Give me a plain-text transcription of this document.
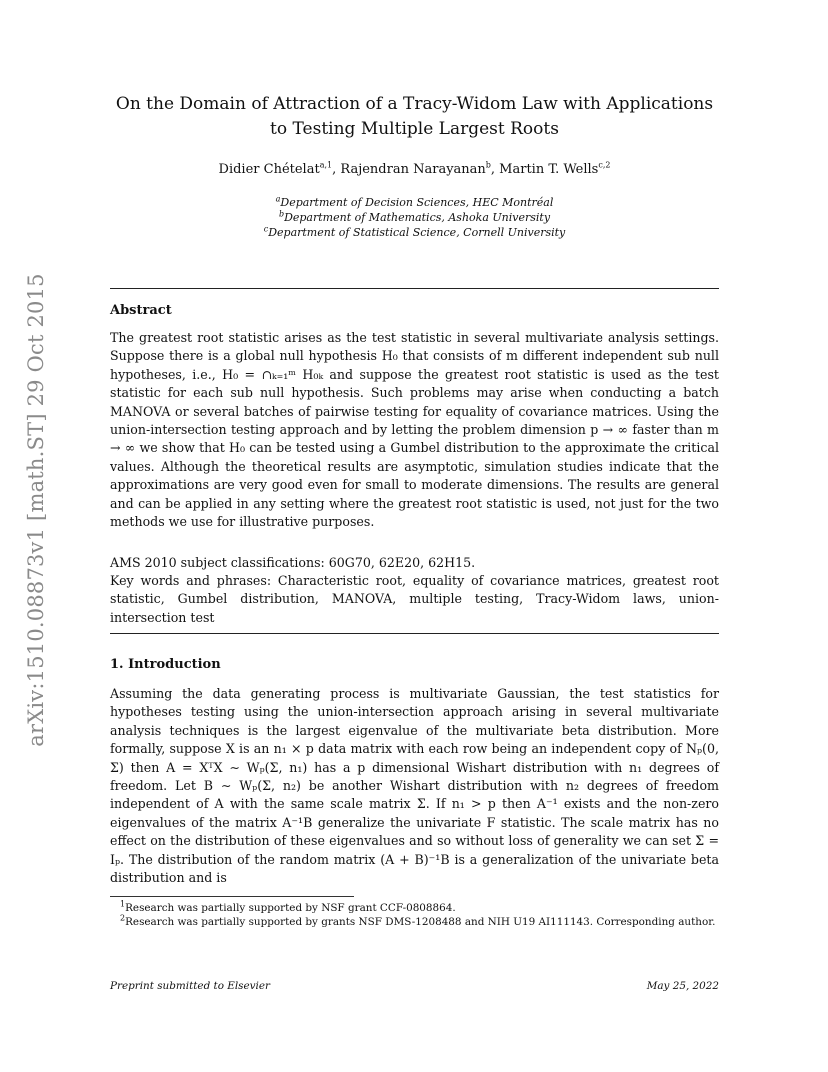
arXiv:1510.08873v1 [math.ST] 29 Oct 2015
On the Domain of Attraction of a Tracy-Widom Law with Applications
to Testing Multiple Largest Roots
Didier Chételat$^{a,1}$, Rajendran Narayanan$^b$, Martin T. Wells$^{c,2}$
$^a$Department of Decision Sciences, HEC Montréal
$^b$Department of Mathematics, Ashoka University
$^c$Department of Statistical Science, Cornell University
Abstract

The greatest root statistic arises as the test statistic in several multivariate analysis settings. Suppose there is a global null hypothesis H₀ that consists of m different independent sub null hypotheses, i.e., H₀ = ∩ₖ₌₁ᵐ H₀ₖ and suppose the greatest root statistic is used as the test statistic for each sub null hypothesis. Such problems may arise when conducting a batch MANOVA or several batches of pairwise testing for equality of covariance matrices. Using the union-intersection testing approach and by letting the problem dimension p → ∞ faster than m → ∞ we show that H₀ can be tested using a Gumbel distribution to the approximate the critical values. Although the theoretical results are asymptotic, simulation studies indicate that the approximations are very good even for small to moderate dimensions. The results are general and can be applied in any setting where the greatest root statistic is used, not just for the two methods we use for illustrative purposes.

AMS 2010 subject classifications: 60G70, 62E20, 62H15.

Key words and phrases: Characteristic root, equality of covariance matrices, greatest root statistic, Gumbel distribution, MANOVA, multiple testing, Tracy-Widom laws, union-intersection test

1. Introduction

Assuming the data generating process is multivariate Gaussian, the test statistics for hypotheses testing using the union-intersection approach arising in several multivariate analysis techniques is the largest eigenvalue of the multivariate beta distribution. More formally, suppose X is an n₁ × p data matrix with each row being an independent copy of Nₚ(0, Σ) then A = XᵀX ∼ Wₚ(Σ, n₁) has a p dimensional Wishart distribution with n₁ degrees of freedom. Let B ∼ Wₚ(Σ, n₂) be another Wishart distribution with n₂ degrees of freedom independent of A with the same scale matrix Σ. If n₁ > p then A⁻¹ exists and the non-zero eigenvalues of the matrix A⁻¹B generalize the univariate F statistic. The scale matrix has no effect on the distribution of these eigenvalues and so without loss of generality we can set Σ = Iₚ. The distribution of the random matrix (A + B)⁻¹B is a generalization of the univariate beta distribution and is

$^1$Research was partially supported by NSF grant CCF-0808864.

$^2$Research was partially supported by grants NSF DMS-1208488 and NIH U19 AI111143. Corresponding author.

Preprint submitted to Elsevier	May 25, 2022
